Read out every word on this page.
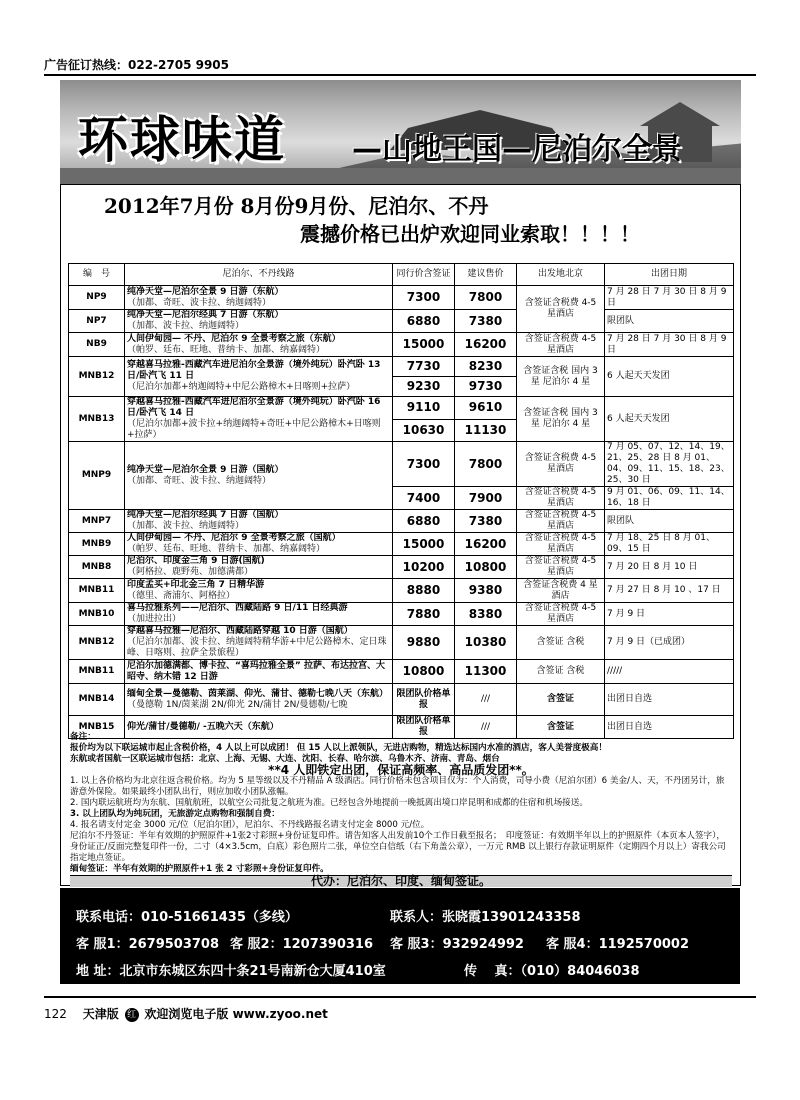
广告征订热线：022-2705 9905
环球味道 —山地王国—尼泊尔全景
2012年7月份 8月份9月份、尼泊尔、不丹
震撼价格已出炉欢迎同业索取！！！！
编　号	尼泊尔、不丹线路	同行价含签证	建议售价	出发地北京	出团日期
NP9	纯净天堂—尼泊尔全景 9 日游（东航）
（加都、奇旺、波卡拉、纳迦阔特）	7300	7800	含签证含税费 4-5 星酒店	7 月 28 日 7 月 30 日 8 月 9 日
NP7	纯净天堂—尼泊尔经典 7 日游（东航）
（加都、波卡拉、纳迦阔特）	6880	7380		限团队
NB9	人间伊甸园— 不丹、尼泊尔 9 全景考察之旅（东航）
（帕罗、廷布、旺地、普纳卡、加都、纳嘉阔特）	15000	16200	含签证含税费 4-5 星酒店	7 月 28 日 7 月 30 日 8 月 9 日
MNB12	穿越喜马拉雅-西藏汽车进尼泊尔全景游（境外纯玩）卧汽卧 13 日/卧汽飞 11 日
（尼泊尔加都+纳迦阔特+中尼公路樟木+日喀则+拉萨）	7730	8230	含签证含税 国内 3 星 尼泊尔 4 星	6 人起天天发团
		9230	9730		
MNB13	穿越喜马拉雅-西藏汽车进尼泊尔全景游（境外纯玩）卧汽卧 16 日/卧汽飞 14 日
（尼泊尔加都+波卡拉+纳迦阔特+奇旺+中尼公路樟木+日喀则+拉萨）	9110	9610	含签证含税 国内 3 星 尼泊尔 4 星	6 人起天天发团
		10630	11130		
MNP9	纯净天堂—尼泊尔全景 9 日游（国航）
（加都、奇旺、波卡拉、纳迦阔特）	7300	7800	含签证含税费 4-5 星酒店	7 月 05、07、12、14、19、21、25、28 日 8 月 01、04、09、11、15、18、23、25、30 日
		7400	7900	含签证含税费 4-5 星酒店	9 月 01、06、09、11、14、16、18 日
MNP7	纯净天堂—尼泊尔经典 7 日游（国航）
（加都、波卡拉、纳迦阔特）	6880	7380	含签证含税费 4-5 星酒店	限团队
MNB9	人间伊甸园— 不丹、尼泊尔 9 全景考察之旅（国航）
（帕罗、廷布、旺地、普纳卡、加都、纳嘉阔特）	15000	16200	含签证含税费 4-5 星酒店	7 月 18、25 日 8 月 01、09、15 日
MNB8	尼泊尔、印度金三角 9 日游(国航)
（阿格拉、鹿野苑、加德满都）	10200	10800	含签证含税费 4-5 星酒店	7 月 20 日 8 月 10 日
MNB11	印度孟买+印北金三角 7 日精华游
（德里、斋浦尔、阿格拉）	8880	9380	含签证含税费 4 星酒店	7 月 27 日 8 月 10 、17 日
MNB10	喜马拉雅系列——尼泊尔、西藏陆路 9 日/11 日经典游
（加进拉出）	7880	8380	含签证含税费 4-5 星酒店	7 月 9 日
MNB12	穿越喜马拉雅—尼泊尔、西藏陆路穿越 10 日游（国航）
（尼泊尔加都、波卡拉、纳迦阔特精华游+中尼公路樟木、定日珠峰、日喀则、拉萨全景旅程）	9880	10380	含签证 含税	7 月 9 日（已成团）
MNB11	尼泊尔加德满都、博卡拉、“喜玛拉雅全景” 拉萨、布达拉宫、大昭寺、纳木错 12 日游	10800	11300	含签证 含税	/////
MNB14	缅甸全景—曼德勒、茵莱湖、仰光、蒲甘、德勒七晚八天（东航）
（曼德勒 1N/茵莱湖 2N/仰光 2N/蒲甘 2N/曼德勒/七晚	限团队价格单报	///	含签证	出团日自选
MNB15	仰光/蒲甘/曼德勒/ -五晚六天（东航）	限团队价格单报	///	含签证	出团日自选
备注：
报价均为以下联运城市起止含税价格，4 人以上可以成团！ 但 15 人以上派领队，无进店购物，精选达标国内水准的酒店，客人美誉度极高！
东航或者国航一区联运城市包括：北京、上海、无锡、大连、沈阳、长春、哈尔滨、乌鲁木齐、济南、青岛、烟台
**4 人即铁定出团，保证高频率、高品质发团**。
1. 以上各价格均为北京往返含税价格。均为 5 星等级以及不丹精品 A 级酒店。同行价格未包含项目仅为：个人消费，司导小费（尼泊尔团）6 美金/人、天，不丹团另计，旅游意外保险。如果最终小团队出行，则应加收小团队涨幅。
2. 国内联运航班均为东航、国航航班，以航空公司批复之航班为准。已经包含外地提前一晚抵离出境口岸昆明和成都的住宿和机场接送。
3. 以上团队均为纯玩团，无旅游定点购物和强制自费：
4. 报名请支付定金 3000 元/位（尼泊尔团），尼泊尔、不丹线路报名请支付定金 8000 元/位。
尼泊尔不丹签证：半年有效期的护照原件+1张2寸彩照+身份证复印件。请告知客人出发前10个工作日截至报名；　印度签证：有效期半年以上的护照原件（本页本人签字），身份证正/反面完整复印件一份，二寸（4×3.5cm，白底）彩色照片二张，单位空白信纸（右下角盖公章），一万元 RMB 以上银行存款证明原件（定期四个月以上）寄我公司指定地点签证。
缅甸签证：半年有效期的护照原件+1 张 2 寸彩照+身份证复印件。
代办：尼泊尔、印度、缅甸签证。
联系电话：010-51661435（多线）	联系人：张晓霞13901243358
客 服1：2679503708 客 服2：1207390316 客 服3：932924992 客 服4：1192570002
地 址：北京市东城区东四十条21号南新仓大厦410室	传　 真：（010）84046038
122 天津版 红 欢迎浏览电子版 www.zyoo.net
